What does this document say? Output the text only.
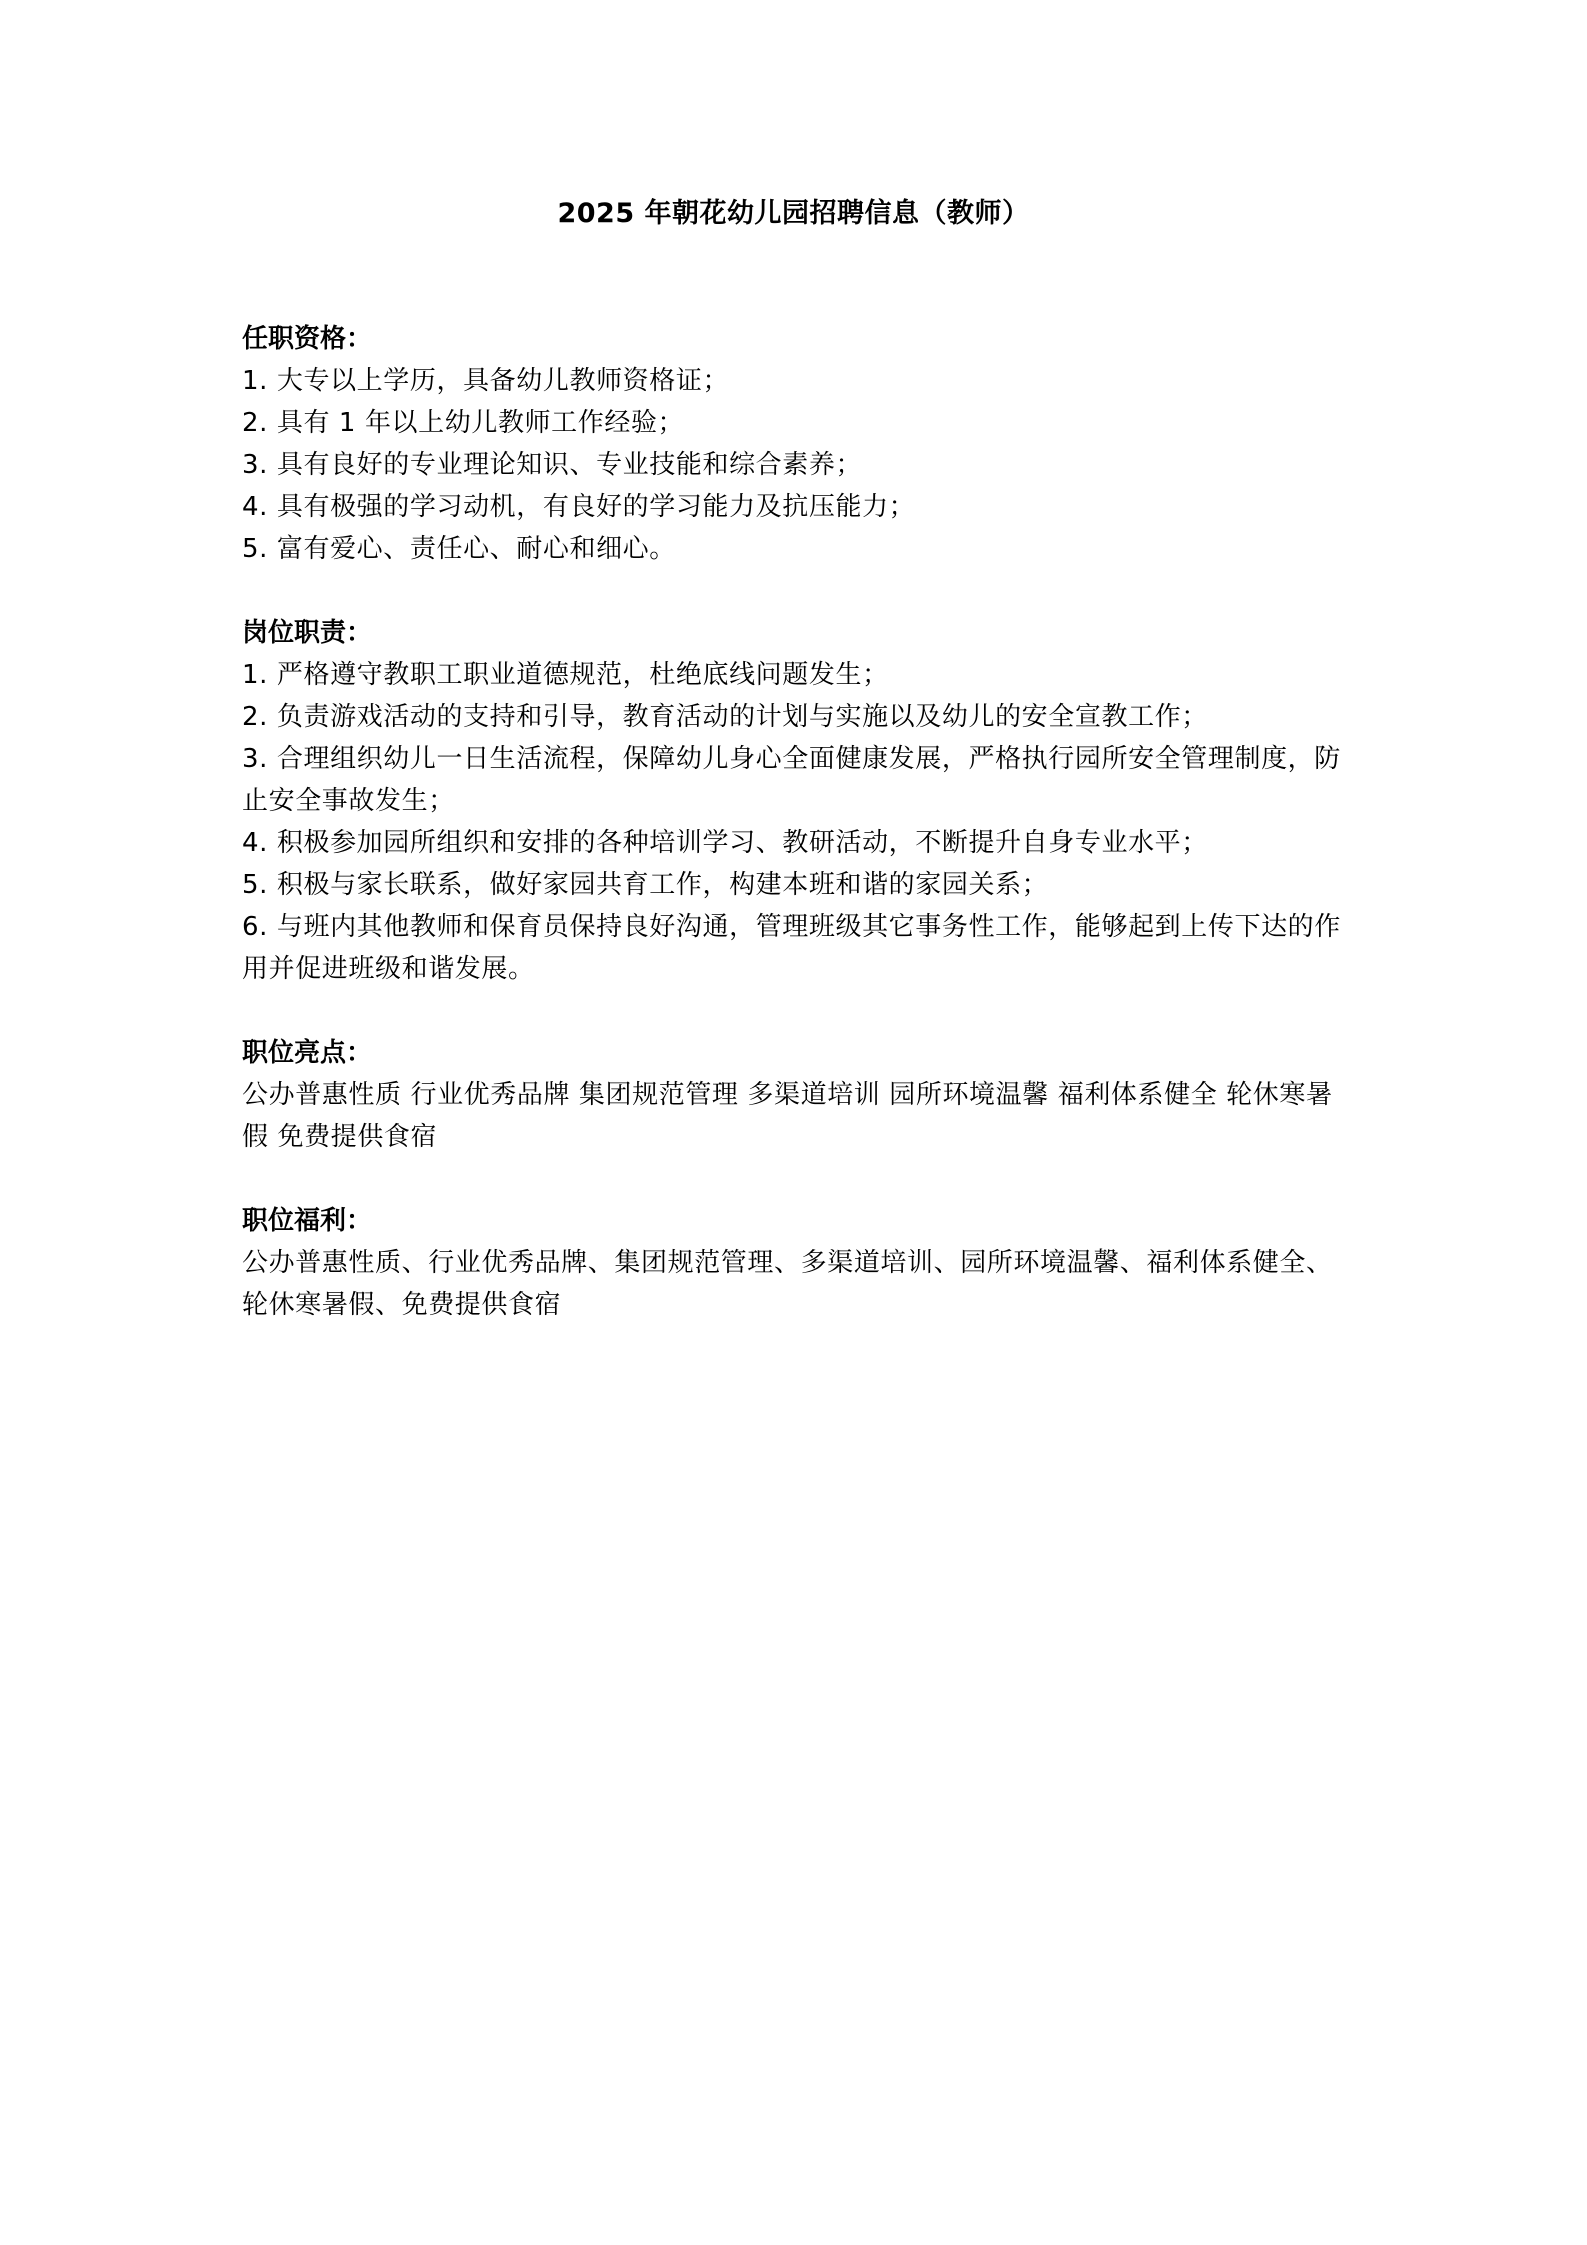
2025 年朝花幼儿园招聘信息（教师）

任职资格：

1. 大专以上学历，具备幼儿教师资格证；
2. 具有 1 年以上幼儿教师工作经验；
3. 具有良好的专业理论知识、专业技能和综合素养；
4. 具有极强的学习动机，有良好的学习能力及抗压能力；
5. 富有爱心、责任心、耐心和细心。

岗位职责：

1. 严格遵守教职工职业道德规范，杜绝底线问题发生；
2. 负责游戏活动的支持和引导，教育活动的计划与实施以及幼儿的安全宣教工作；
3. 合理组织幼儿一日生活流程，保障幼儿身心全面健康发展，严格执行园所安全管理制度，防止安全事故发生；
4. 积极参加园所组织和安排的各种培训学习、教研活动，不断提升自身专业水平；
5. 积极与家长联系，做好家园共育工作，构建本班和谐的家园关系；
6. 与班内其他教师和保育员保持良好沟通，管理班级其它事务性工作，能够起到上传下达的作用并促进班级和谐发展。

职位亮点：

公办普惠性质 行业优秀品牌 集团规范管理 多渠道培训 园所环境温馨 福利体系健全 轮休寒暑假 免费提供食宿

职位福利：

公办普惠性质、行业优秀品牌、集团规范管理、多渠道培训、园所环境温馨、福利体系健全、轮休寒暑假、免费提供食宿
